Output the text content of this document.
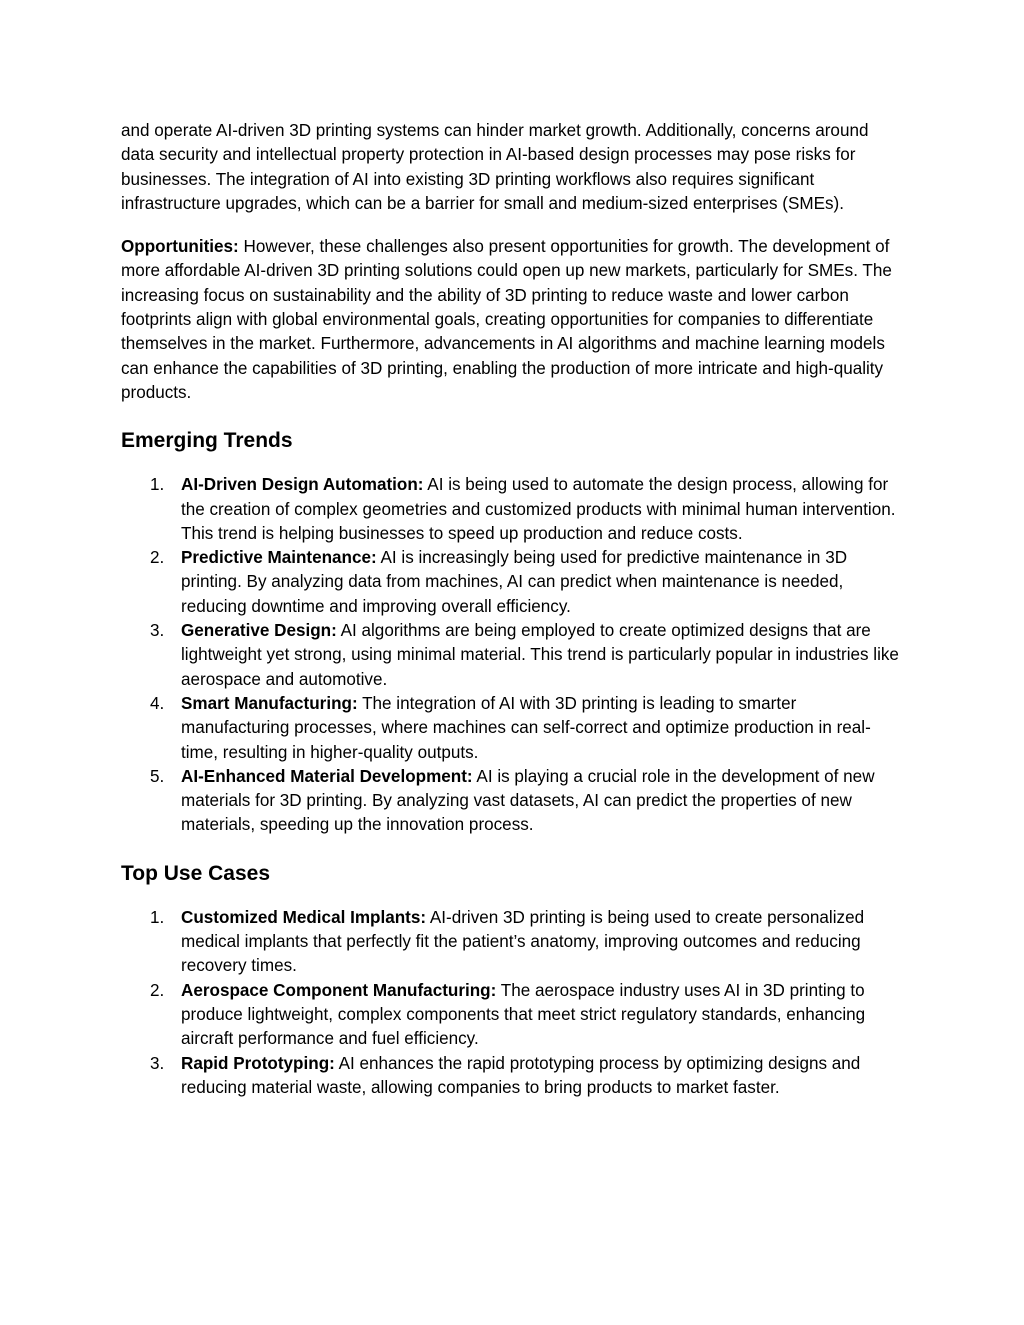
and operate AI-driven 3D printing systems can hinder market growth. Additionally, concerns around data security and intellectual property protection in AI-based design processes may pose risks for businesses. The integration of AI into existing 3D printing workflows also requires significant infrastructure upgrades, which can be a barrier for small and medium-sized enterprises (SMEs).

Opportunities: However, these challenges also present opportunities for growth. The development of more affordable AI-driven 3D printing solutions could open up new markets, particularly for SMEs. The increasing focus on sustainability and the ability of 3D printing to reduce waste and lower carbon footprints align with global environmental goals, creating opportunities for companies to differentiate themselves in the market. Furthermore, advancements in AI algorithms and machine learning models can enhance the capabilities of 3D printing, enabling the production of more intricate and high-quality products.

Emerging Trends
1. AI-Driven Design Automation: AI is being used to automate the design process, allowing for the creation of complex geometries and customized products with minimal human intervention. This trend is helping businesses to speed up production and reduce costs.
2. Predictive Maintenance: AI is increasingly being used for predictive maintenance in 3D printing. By analyzing data from machines, AI can predict when maintenance is needed, reducing downtime and improving overall efficiency.
3. Generative Design: AI algorithms are being employed to create optimized designs that are lightweight yet strong, using minimal material. This trend is particularly popular in industries like aerospace and automotive.
4. Smart Manufacturing: The integration of AI with 3D printing is leading to smarter manufacturing processes, where machines can self-correct and optimize production in real-time, resulting in higher-quality outputs.
5. AI-Enhanced Material Development: AI is playing a crucial role in the development of new materials for 3D printing. By analyzing vast datasets, AI can predict the properties of new materials, speeding up the innovation process.
Top Use Cases
1. Customized Medical Implants: AI-driven 3D printing is being used to create personalized medical implants that perfectly fit the patient’s anatomy, improving outcomes and reducing recovery times.
2. Aerospace Component Manufacturing: The aerospace industry uses AI in 3D printing to produce lightweight, complex components that meet strict regulatory standards, enhancing aircraft performance and fuel efficiency.
3. Rapid Prototyping: AI enhances the rapid prototyping process by optimizing designs and reducing material waste, allowing companies to bring products to market faster.
